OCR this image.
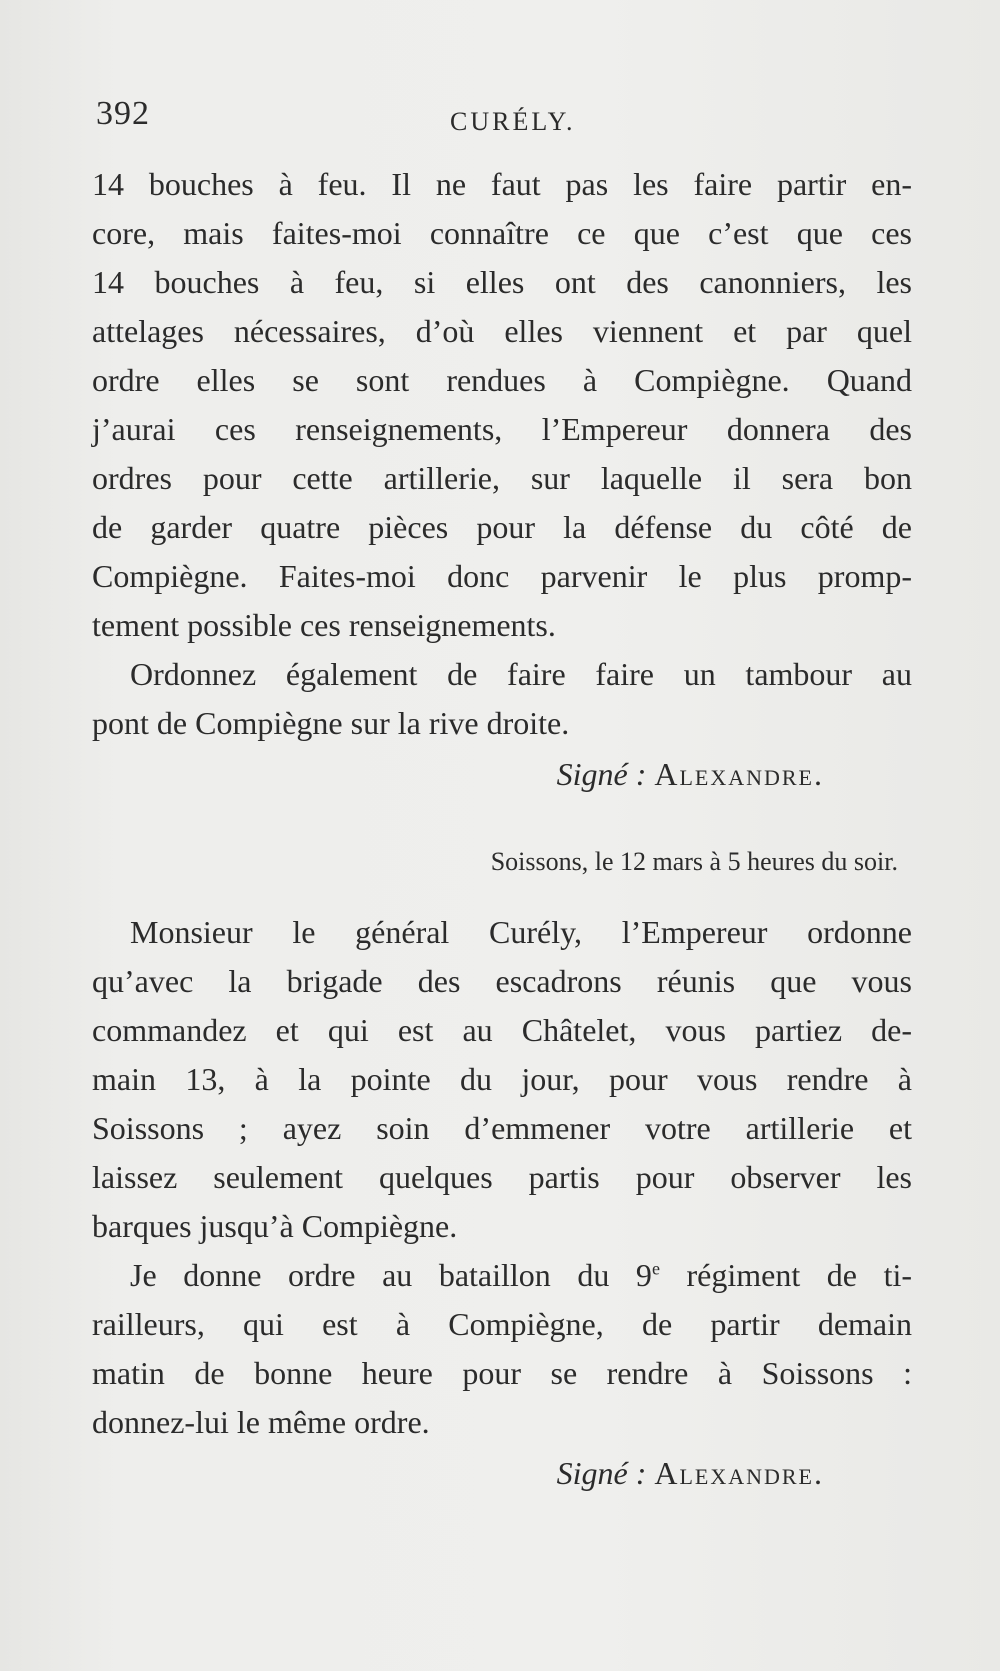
392	CURÉLY.
14 bouches à feu. Il ne faut pas les faire partir en-
core, mais faites-moi connaître ce que c’est que ces
14 bouches à feu, si elles ont des canonniers, les
attelages nécessaires, d’où elles viennent et par quel
ordre elles se sont rendues à Compiègne. Quand
j’aurai ces renseignements, l’Empereur donnera des
ordres pour cette artillerie, sur laquelle il sera bon
de garder quatre pièces pour la défense du côté de
Compiègne. Faites-moi donc parvenir le plus promp-
tement possible ces renseignements.
Ordonnez également de faire faire un tambour au
pont de Compiègne sur la rive droite.
Signé : Alexandre.
Soissons, le 12 mars à 5 heures du soir.
Monsieur le général Curély, l’Empereur ordonne
qu’avec la brigade des escadrons réunis que vous
commandez et qui est au Châtelet, vous partiez de-
main 13, à la pointe du jour, pour vous rendre à
Soissons ; ayez soin d’emmener votre artillerie et
laissez seulement quelques partis pour observer les
barques jusqu’à Compiègne.
Je donne ordre au bataillon du 9e régiment de ti-
railleurs, qui est à Compiègne, de partir demain
matin de bonne heure pour se rendre à Soissons :
donnez-lui le même ordre.
Signé : Alexandre.
